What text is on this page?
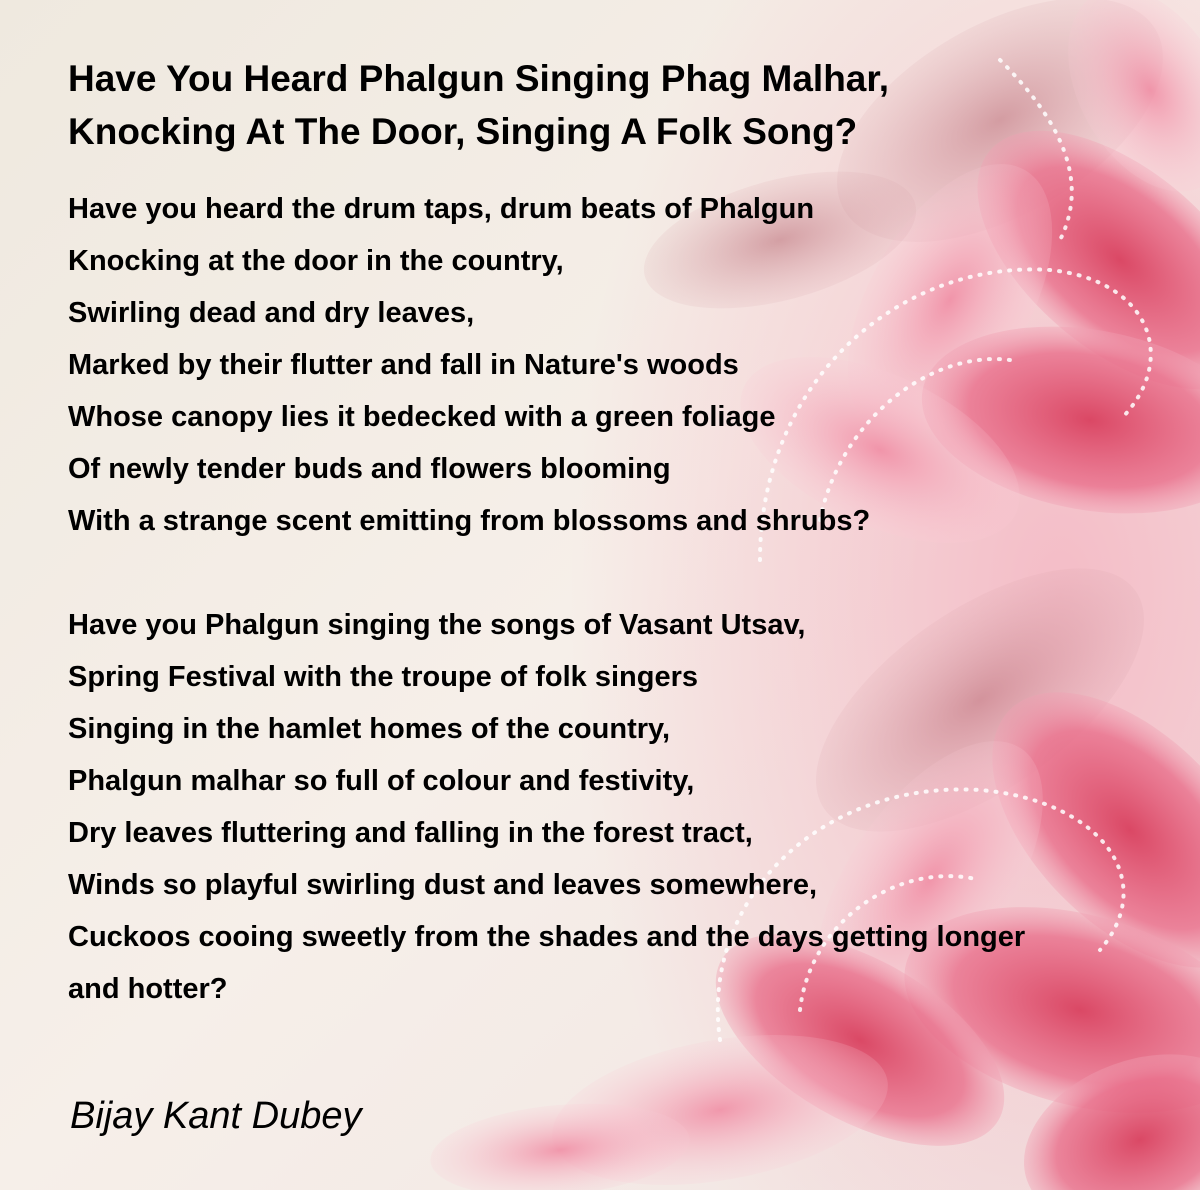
Have You Heard Phalgun Singing Phag Malhar,
Knocking At The Door, Singing A Folk Song?
Have you heard the drum taps, drum beats of Phalgun
Knocking at the door in the country,
Swirling dead and dry leaves,
Marked by their flutter and fall in Nature's woods
Whose canopy lies it bedecked with a green foliage
Of newly tender buds and flowers blooming
With a strange scent emitting from blossoms and shrubs?
Have you Phalgun singing the songs of Vasant Utsav,
Spring Festival with the troupe of folk singers
Singing in the hamlet homes of the country,
Phalgun malhar so full of colour and festivity,
Dry leaves fluttering and falling in the forest tract,
Winds so playful swirling dust and leaves somewhere,
Cuckoos cooing sweetly from the shades and the days getting longer
and hotter?
Bijay Kant Dubey
